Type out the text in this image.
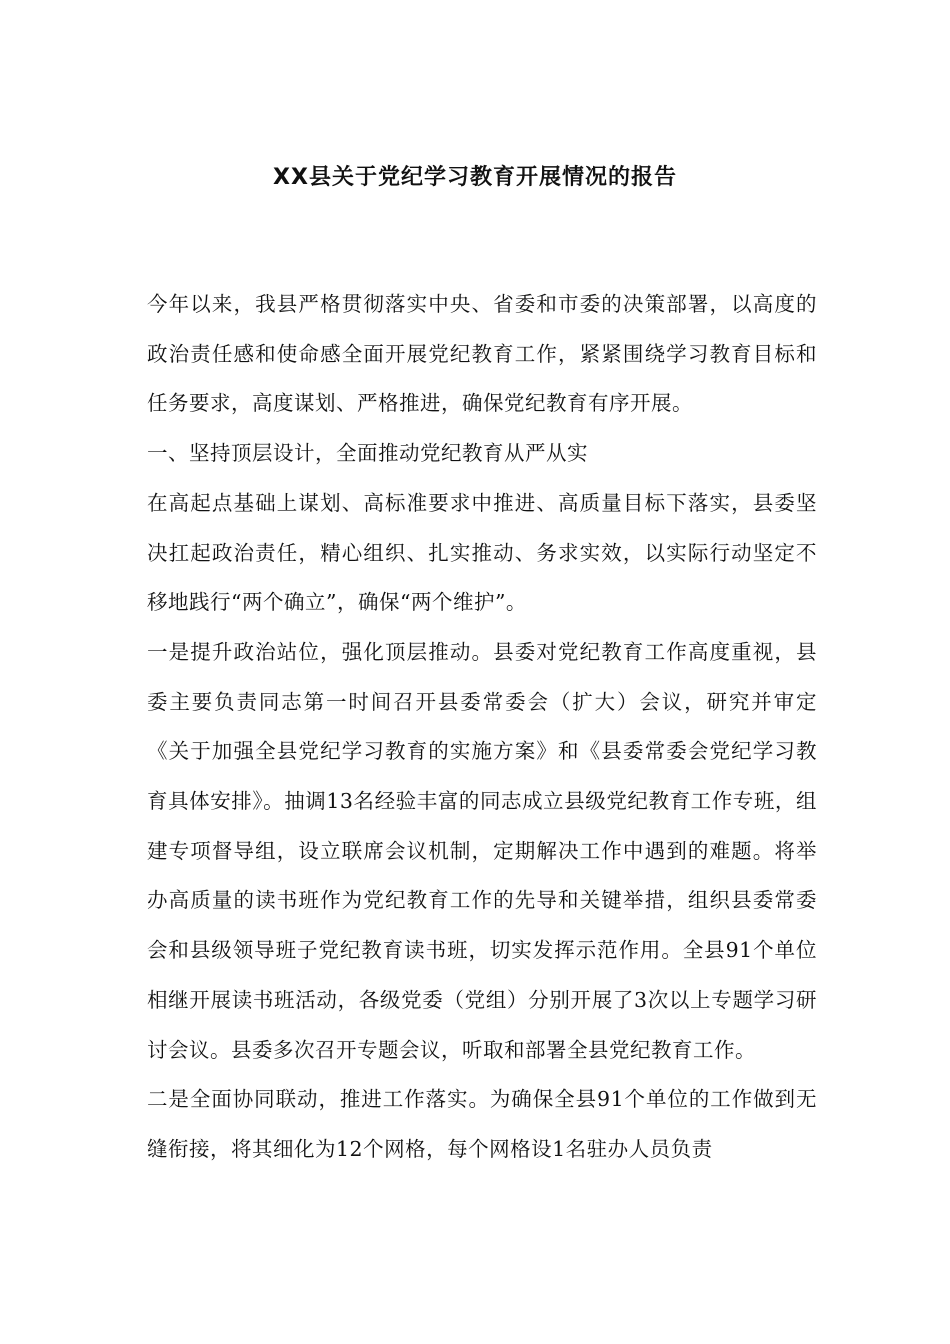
XX县关于党纪学习教育开展情况的报告

今年以来，我县严格贯彻落实中央、省委和市委的决策部署，以高度的政治责任感和使命感全面开展党纪教育工作，紧紧围绕学习教育目标和任务要求，高度谋划、严格推进，确保党纪教育有序开展。

一、坚持顶层设计，全面推动党纪教育从严从实

在高起点基础上谋划、高标准要求中推进、高质量目标下落实，县委坚决扛起政治责任，精心组织、扎实推动、务求实效，以实际行动坚定不移地践行“两个确立”，确保“两个维护”。

一是提升政治站位，强化顶层推动。县委对党纪教育工作高度重视，县委主要负责同志第一时间召开县委常委会（扩大）会议，研究并审定《关于加强全县党纪学习教育的实施方案》和《县委常委会党纪学习教育具体安排》。抽调13名经验丰富的同志成立县级党纪教育工作专班，组建专项督导组，设立联席会议机制，定期解决工作中遇到的难题。将举办高质量的读书班作为党纪教育工作的先导和关键举措，组织县委常委会和县级领导班子党纪教育读书班，切实发挥示范作用。全县91个单位相继开展读书班活动，各级党委（党组）分别开展了3次以上专题学习研讨会议。县委多次召开专题会议，听取和部署全县党纪教育工作。

二是全面协同联动，推进工作落实。为确保全县91个单位的工作做到无缝衔接，将其细化为12个网格，每个网格设1名驻办人员负责
